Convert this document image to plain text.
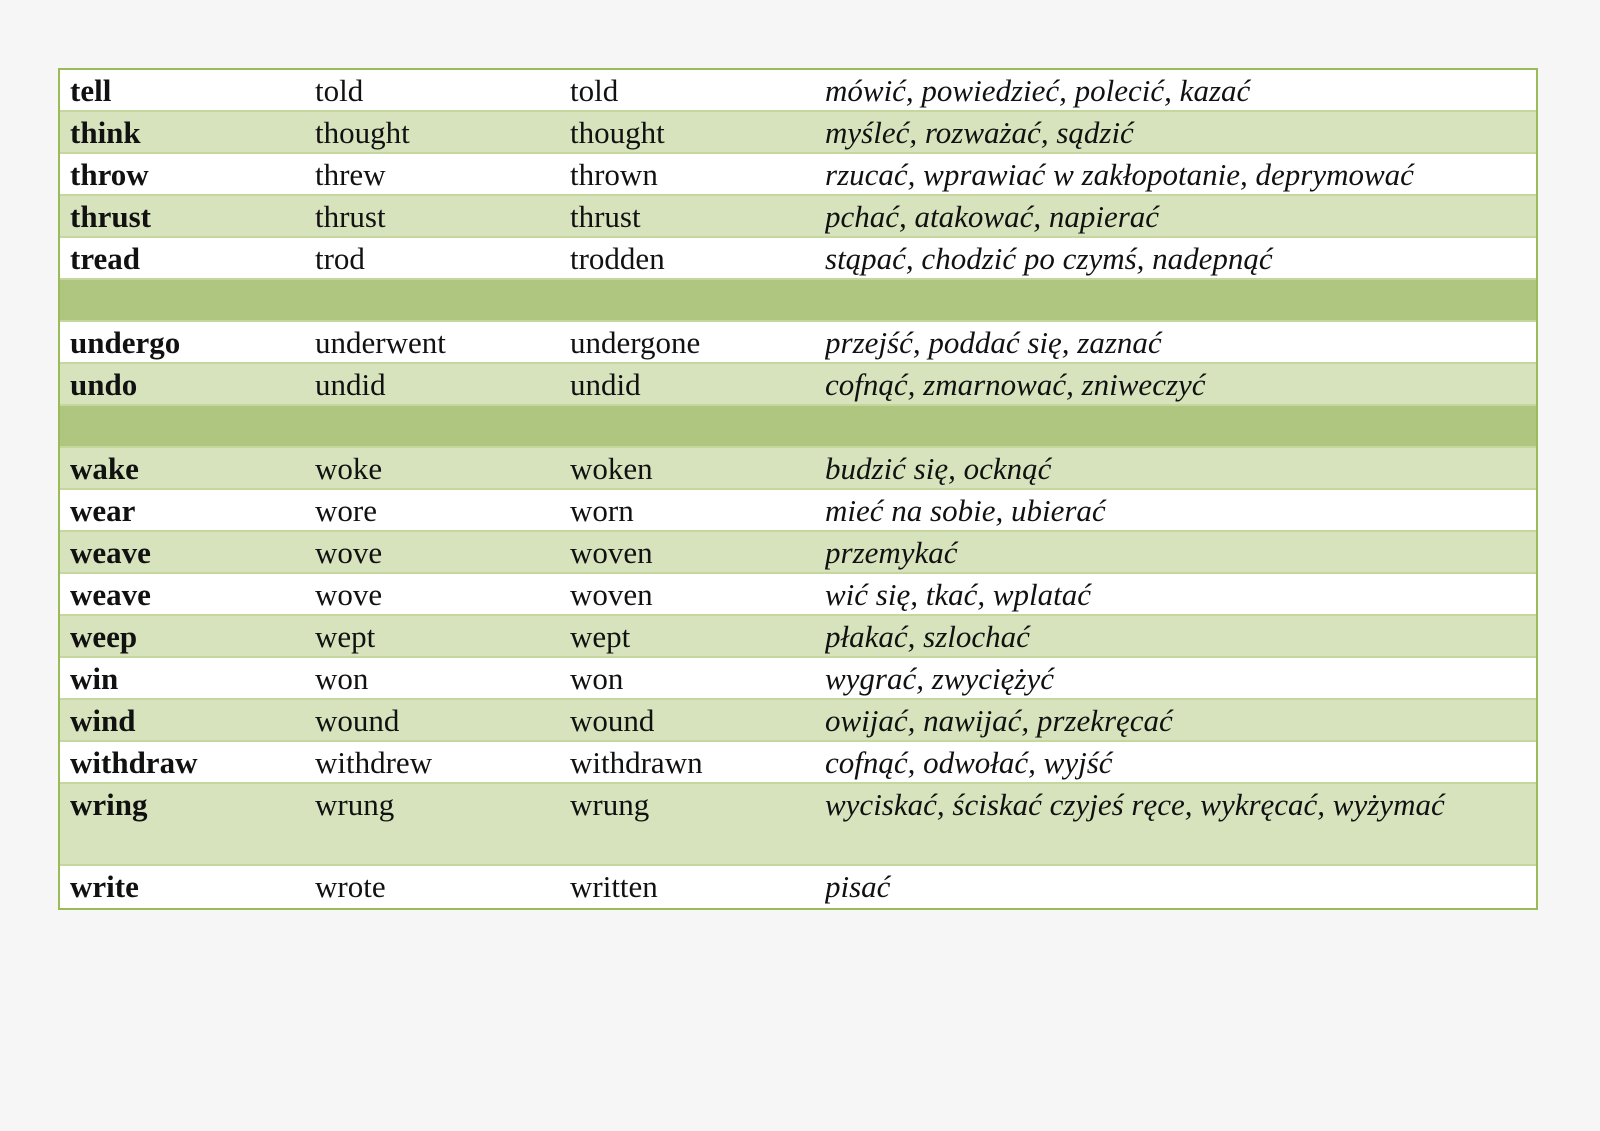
tell	told	told	mówić, powiedzieć, polecić, kazać
think	thought	thought	myśleć, rozważać, sądzić
throw	threw	thrown	rzucać, wprawiać w zakłopotanie, deprymować
thrust	thrust	thrust	pchać, atakować, napierać
tread	trod	trodden	stąpać, chodzić po czymś, nadepnąć
undergo	underwent	undergone	przejść, poddać się, zaznać
undo	undid	undid	cofnąć, zmarnować, zniweczyć
wake	woke	woken	budzić się, ocknąć
wear	wore	worn	mieć na sobie, ubierać
weave	wove	woven	przemykać
weave	wove	woven	wić się, tkać, wplatać
weep	wept	wept	płakać, szlochać
win	won	won	wygrać, zwyciężyć
wind	wound	wound	owijać, nawijać, przekręcać
withdraw	withdrew	withdrawn	cofnąć, odwołać, wyjść
wring	wrung	wrung	wyciskać, ściskać czyjeś ręce, wykręcać, wyżymać
write	wrote	written	pisać
